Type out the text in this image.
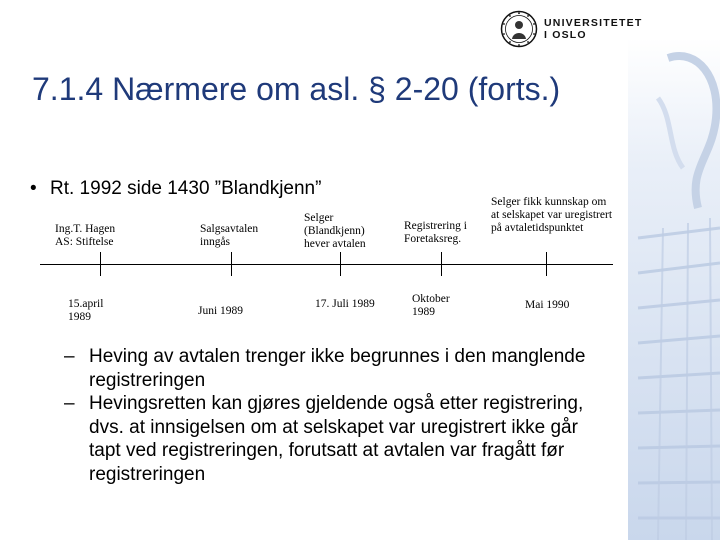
UNIVERSITETET
I OSLO
7.1.4 Nærmere om asl. § 2-20 (forts.)
• Rt. 1992 side 1430 ”Blandkjenn”
Ing.T. Hagen
AS: Stiftelse
Salgsavtalen
inngås
Selger
(Blandkjenn)
hever avtalen
Registrering i
Foretaksreg.
Selger fikk kunnskap om
at selskapet var uregistrert
på avtaletidspunktet
15.april
1989	Juni 1989
17. Juli 1989	Oktober
1989
Mai 1990
– Heving av avtalen trenger ikke begrunnes i den manglende registreringen
– Hevingsretten kan gjøres gjeldende også etter registrering, dvs. at innsigelsen om at selskapet var uregistrert ikke går tapt ved registreringen, forutsatt at avtalen var fragått før registreringen
